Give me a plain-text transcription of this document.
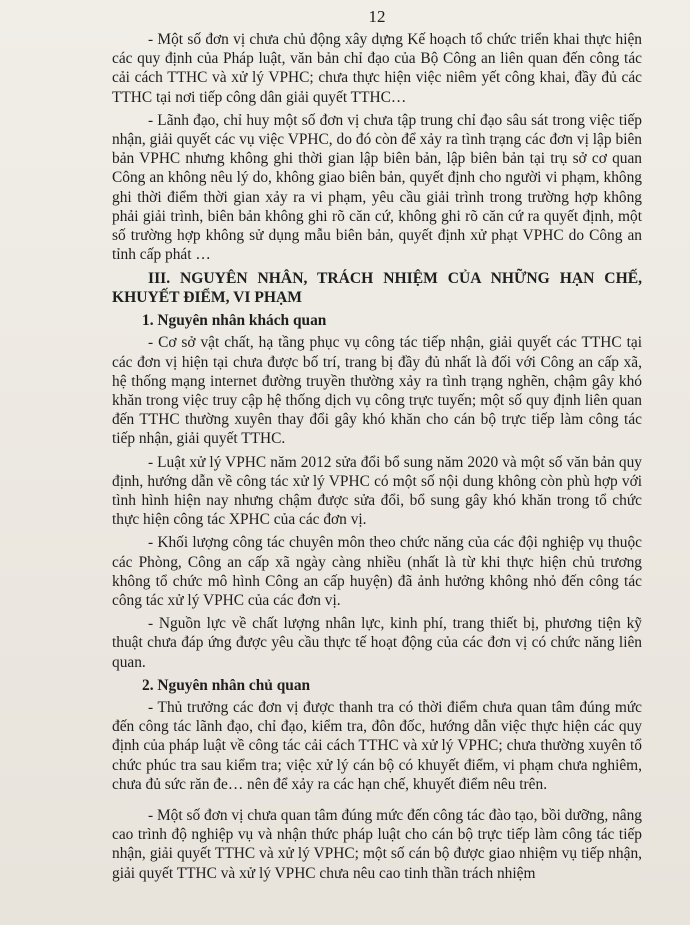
12

- Một số đơn vị chưa chủ động xây dựng Kế hoạch tổ chức triển khai thực hiện các quy định của Pháp luật, văn bản chỉ đạo của Bộ Công an liên quan đến công tác cải cách TTHC và xử lý VPHC; chưa thực hiện việc niêm yết công khai, đầy đủ các TTHC tại nơi tiếp công dân giải quyết TTHC…

- Lãnh đạo, chỉ huy một số đơn vị chưa tập trung chỉ đạo sâu sát trong việc tiếp nhận, giải quyết các vụ việc VPHC, do đó còn để xảy ra tình trạng các đơn vị lập biên bản VPHC nhưng không ghi thời gian lập biên bản, lập biên bản tại trụ sở cơ quan Công an không nêu lý do, không giao biên bản, quyết định cho người vi phạm, không ghi thời điểm thời gian xảy ra vi phạm, yêu cầu giải trình trong trường hợp không phải giải trình, biên bản không ghi rõ căn cứ, không ghi rõ căn cứ ra quyết định, một số trường hợp không sử dụng mẫu biên bản, quyết định xử phạt VPHC do Công an tỉnh cấp phát …

III. NGUYÊN NHÂN, TRÁCH NHIỆM CỦA NHỮNG HẠN CHẾ, KHUYẾT ĐIỂM, VI PHẠM
1. Nguyên nhân khách quan

- Cơ sở vật chất, hạ tầng phục vụ công tác tiếp nhận, giải quyết các TTHC tại các đơn vị hiện tại chưa được bố trí, trang bị đầy đủ nhất là đối với Công an cấp xã, hệ thống mạng internet đường truyền thường xảy ra tình trạng nghẽn, chậm gây khó khăn trong việc truy cập hệ thống dịch vụ công trực tuyến; một số quy định liên quan đến TTHC thường xuyên thay đổi gây khó khăn cho cán bộ trực tiếp làm công tác tiếp nhận, giải quyết TTHC.

- Luật xử lý VPHC năm 2012 sửa đổi bổ sung năm 2020 và một số văn bản quy định, hướng dẫn về công tác xử lý VPHC có một số nội dung không còn phù hợp với tình hình hiện nay nhưng chậm được sửa đổi, bổ sung gây khó khăn trong tổ chức thực hiện công tác XPHC của các đơn vị.

- Khối lượng công tác chuyên môn theo chức năng của các đội nghiệp vụ thuộc các Phòng, Công an cấp xã ngày càng nhiều (nhất là từ khi thực hiện chủ trương không tổ chức mô hình Công an cấp huyện) đã ảnh hưởng không nhỏ đến công tác công tác xử lý VPHC của các đơn vị.

- Nguồn lực về chất lượng nhân lực, kinh phí, trang thiết bị, phương tiện kỹ thuật chưa đáp ứng được yêu cầu thực tế hoạt động của các đơn vị có chức năng liên quan.

2. Nguyên nhân chủ quan

- Thủ trưởng các đơn vị được thanh tra có thời điểm chưa quan tâm đúng mức đến công tác lãnh đạo, chỉ đạo, kiểm tra, đôn đốc, hướng dẫn việc thực hiện các quy định của pháp luật về công tác cải cách TTHC và xử lý VPHC; chưa thường xuyên tổ chức phúc tra sau kiểm tra; việc xử lý cán bộ có khuyết điểm, vi phạm chưa nghiêm, chưa đủ sức răn đe… nên để xảy ra các hạn chế, khuyết điểm nêu trên.

- Một số đơn vị chưa quan tâm đúng mức đến công tác đào tạo, bồi dưỡng, nâng cao trình độ nghiệp vụ và nhận thức pháp luật cho cán bộ trực tiếp làm công tác tiếp nhận, giải quyết TTHC và xử lý VPHC; một số cán bộ được giao nhiệm vụ tiếp nhận, giải quyết TTHC và xử lý VPHC chưa nêu cao tinh thần trách nhiệm
